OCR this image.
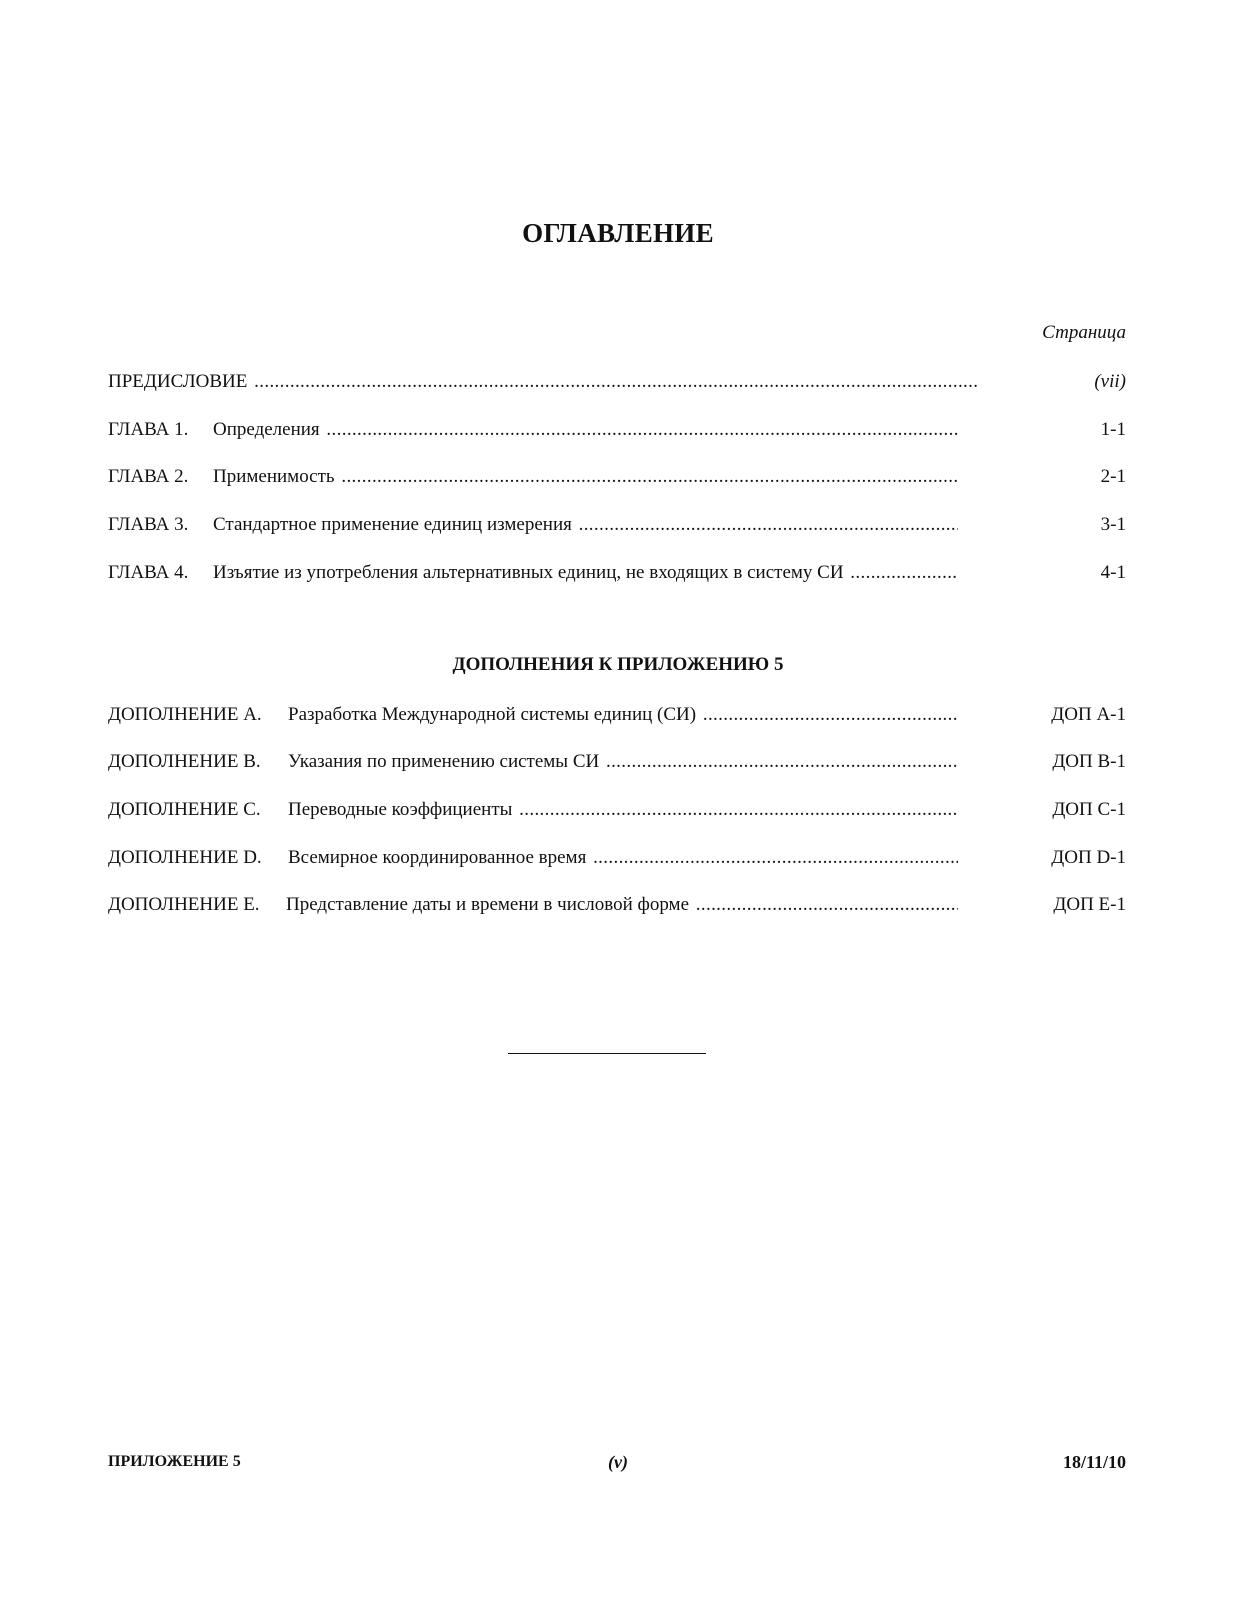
ОГЛАВЛЕНИЕ
Страница
ПРЕДИСЛОВИЕ . . .	(vii)
ГЛАВА 1. Определения . . .	1-1
ГЛАВА 2. Применимость . . .	2-1
ГЛАВА 3. Стандартное применение единиц измерения . . .	3-1
ГЛАВА 4. Изъятие из употребления альтернативных единиц, не входящих в систему СИ . . .	4-1
ДОПОЛНЕНИЯ К ПРИЛОЖЕНИЮ 5
ДОПОЛНЕНИЕ А. Разработка Международной системы единиц (СИ) . . .	ДОП А-1
ДОПОЛНЕНИЕ В. Указания по применению системы СИ . . .	ДОП В-1
ДОПОЛНЕНИЕ С. Переводные коэффициенты . . .	ДОП С-1
ДОПОЛНЕНИЕ D. Всемирное координированное время . . .	ДОП D-1
ДОПОЛНЕНИЕ Е. Представление даты и времени в числовой форме . . .	ДОП Е-1
ПРИЛОЖЕНИЕ 5	(v)	18/11/10
